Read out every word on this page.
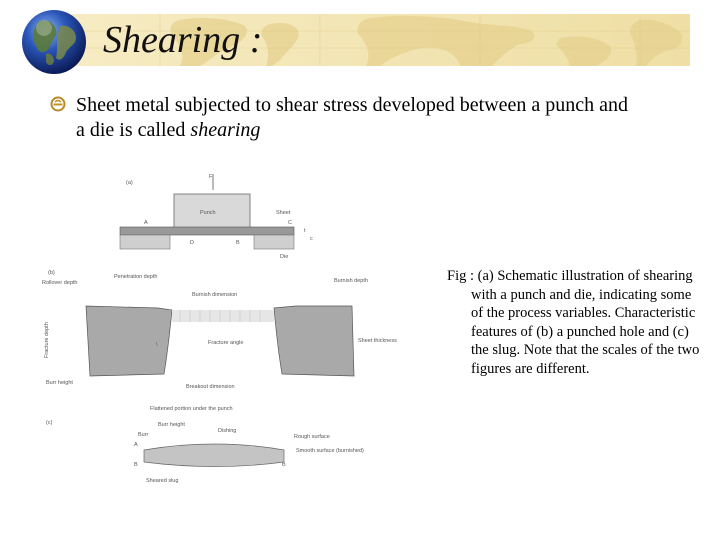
Shearing :
Sheet metal subjected to shear stress developed between a punch and a die is called shearing
(a)
F
Punch	Sheet
A	C
t
c
B
D
Die
(b)
Rollover depth
Penetration depth
Burnish dimension
Burnish depth
Sheet thickness
Fracture depth	Fracture angle
\
Burr height
Breakout dimension
(c)
Flattened portion under the punch
Burr height
Dishing
Rough surface
Smooth surface (burnished)
Burr
A
B	B
Sheared slug
Fig : (a) Schematic illustration of shearing with a punch and die, indicating some of the process variables. Characteristic features of (b) a punched hole and (c) the slug. Note that the scales of the two figures are different.
